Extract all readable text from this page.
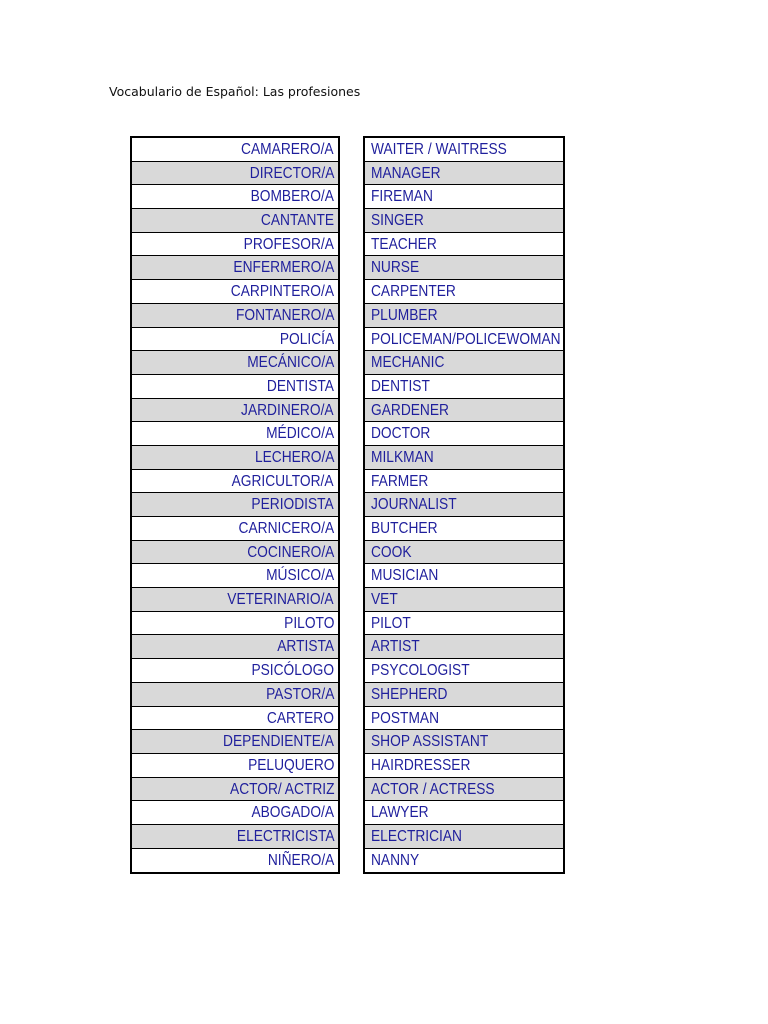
Vocabulario de Español: Las profesiones
CAMARERO/A
DIRECTOR/A
BOMBERO/A
CANTANTE
PROFESOR/A
ENFERMERO/A
CARPINTERO/A
FONTANERO/A
POLICÍA
MECÁNICO/A
DENTISTA
JARDINERO/A
MÉDICO/A
LECHERO/A
AGRICULTOR/A
PERIODISTA
CARNICERO/A
COCINERO/A
MÚSICO/A
VETERINARIO/A
PILOTO
ARTISTA
PSICÓLOGO
PASTOR/A
CARTERO
DEPENDIENTE/A
PELUQUERO
ACTOR/ ACTRIZ
ABOGADO/A
ELECTRICISTA
NIÑERO/A
WAITER / WAITRESS
MANAGER
FIREMAN
SINGER
TEACHER
NURSE
CARPENTER
PLUMBER
POLICEMAN/POLICEWOMAN
MECHANIC
DENTIST
GARDENER
DOCTOR
MILKMAN
FARMER
JOURNALIST
BUTCHER
COOK
MUSICIAN
VET
PILOT
ARTIST
PSYCOLOGIST
SHEPHERD
POSTMAN
SHOP ASSISTANT
HAIRDRESSER
ACTOR / ACTRESS
LAWYER
ELECTRICIAN
NANNY
